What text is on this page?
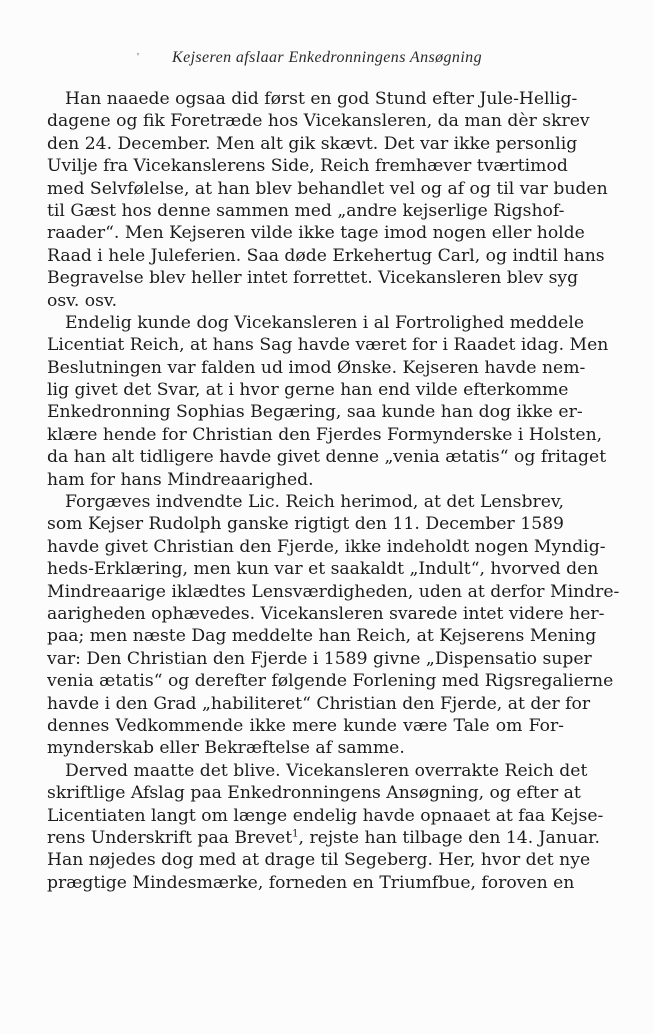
' Kejseren afslaar Enkedronningens Ansøgning
Han naaede ogsaa did først en god Stund efter Jule-Hellig-
dagene og fik Foretræde hos Vicekansleren, da man dèr skrev
den 24. December. Men alt gik skævt. Det var ikke personlig
Uvilje fra Vicekanslerens Side, Reich fremhæver tværtimod
med Selvfølelse, at han blev behandlet vel og af og til var buden
til Gæst hos denne sammen med „andre kejserlige Rigshof-
raader“. Men Kejseren vilde ikke tage imod nogen eller holde
Raad i hele Juleferien. Saa døde Erkehertug Carl, og indtil hans
Begravelse blev heller intet forrettet. Vicekansleren blev syg
osv. osv.
Endelig kunde dog Vicekansleren i al Fortrolighed meddele
Licentiat Reich, at hans Sag havde været for i Raadet idag. Men
Beslutningen var falden ud imod Ønske. Kejseren havde nem-
lig givet det Svar, at i hvor gerne han end vilde efterkomme
Enkedronning Sophias Begæring, saa kunde han dog ikke er-
klære hende for Christian den Fjerdes Formynderske i Holsten,
da han alt tidligere havde givet denne „venia ætatis“ og fritaget
ham for hans Mindreaarighed.
Forgæves indvendte Lic. Reich herimod, at det Lensbrev,
som Kejser Rudolph ganske rigtigt den 11. December 1589
havde givet Christian den Fjerde, ikke indeholdt nogen Myndig-
heds-Erklæring, men kun var et saakaldt „Indult“, hvorved den
Mindreaarige iklædtes Lensværdigheden, uden at derfor Mindre-
aarigheden ophævedes. Vicekansleren svarede intet videre her-
paa; men næste Dag meddelte han Reich, at Kejserens Mening
var: Den Christian den Fjerde i 1589 givne „Dispensatio super
venia ætatis“ og derefter følgende Forlening med Rigsregalierne
havde i den Grad „habiliteret“ Christian den Fjerde, at der for
dennes Vedkommende ikke mere kunde være Tale om For-
mynderskab eller Bekræftelse af samme.
Derved maatte det blive. Vicekansleren overrakte Reich det
skriftlige Afslag paa Enkedronningens Ansøgning, og efter at
Licentiaten langt om længe endelig havde opnaaet at faa Kejse-
rens Underskrift paa Brevet$^1$, rejste han tilbage den 14. Januar.
Han nøjedes dog med at drage til Segeberg. Her, hvor det nye
prægtige Mindesmærke, forneden en Triumfbue, foroven en
